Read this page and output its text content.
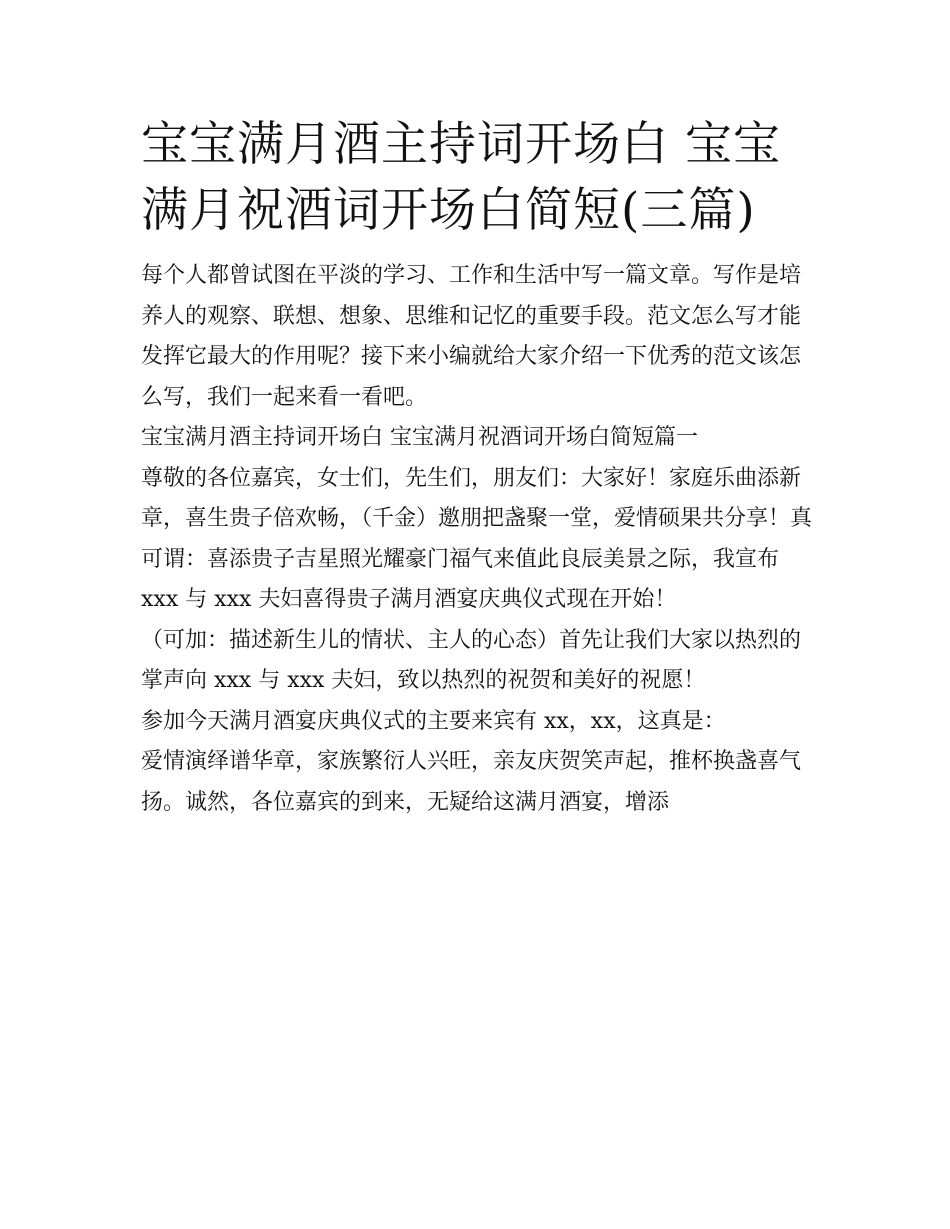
宝宝满月酒主持词开场白 宝宝满月祝酒词开场白简短(三篇)

每个人都曾试图在平淡的学习、工作和生活中写一篇文章。写作是培养人的观察、联想、想象、思维和记忆的重要手段。范文怎么写才能发挥它最大的作用呢？接下来小编就给大家介绍一下优秀的范文该怎么写，我们一起来看一看吧。

宝宝满月酒主持词开场白 宝宝满月祝酒词开场白简短篇一

尊敬的各位嘉宾，女士们，先生们，朋友们：大家好！家庭乐曲添新章，喜生贵子倍欢畅，（千金）邀朋把盏聚一堂，爱情硕果共分享！真可谓：喜添贵子吉星照光耀豪门福气来值此良辰美景之际，我宣布 xxx 与 xxx 夫妇喜得贵子满月酒宴庆典仪式现在开始！

（可加：描述新生儿的情状、主人的心态）首先让我们大家以热烈的掌声向 xxx 与 xxx 夫妇，致以热烈的祝贺和美好的祝愿！

参加今天满月酒宴庆典仪式的主要来宾有 xx，xx，这真是：

爱情演绎谱华章，家族繁衍人兴旺，亲友庆贺笑声起，推杯换盏喜气扬。诚然，各位嘉宾的到来，无疑给这满月酒宴，增添
